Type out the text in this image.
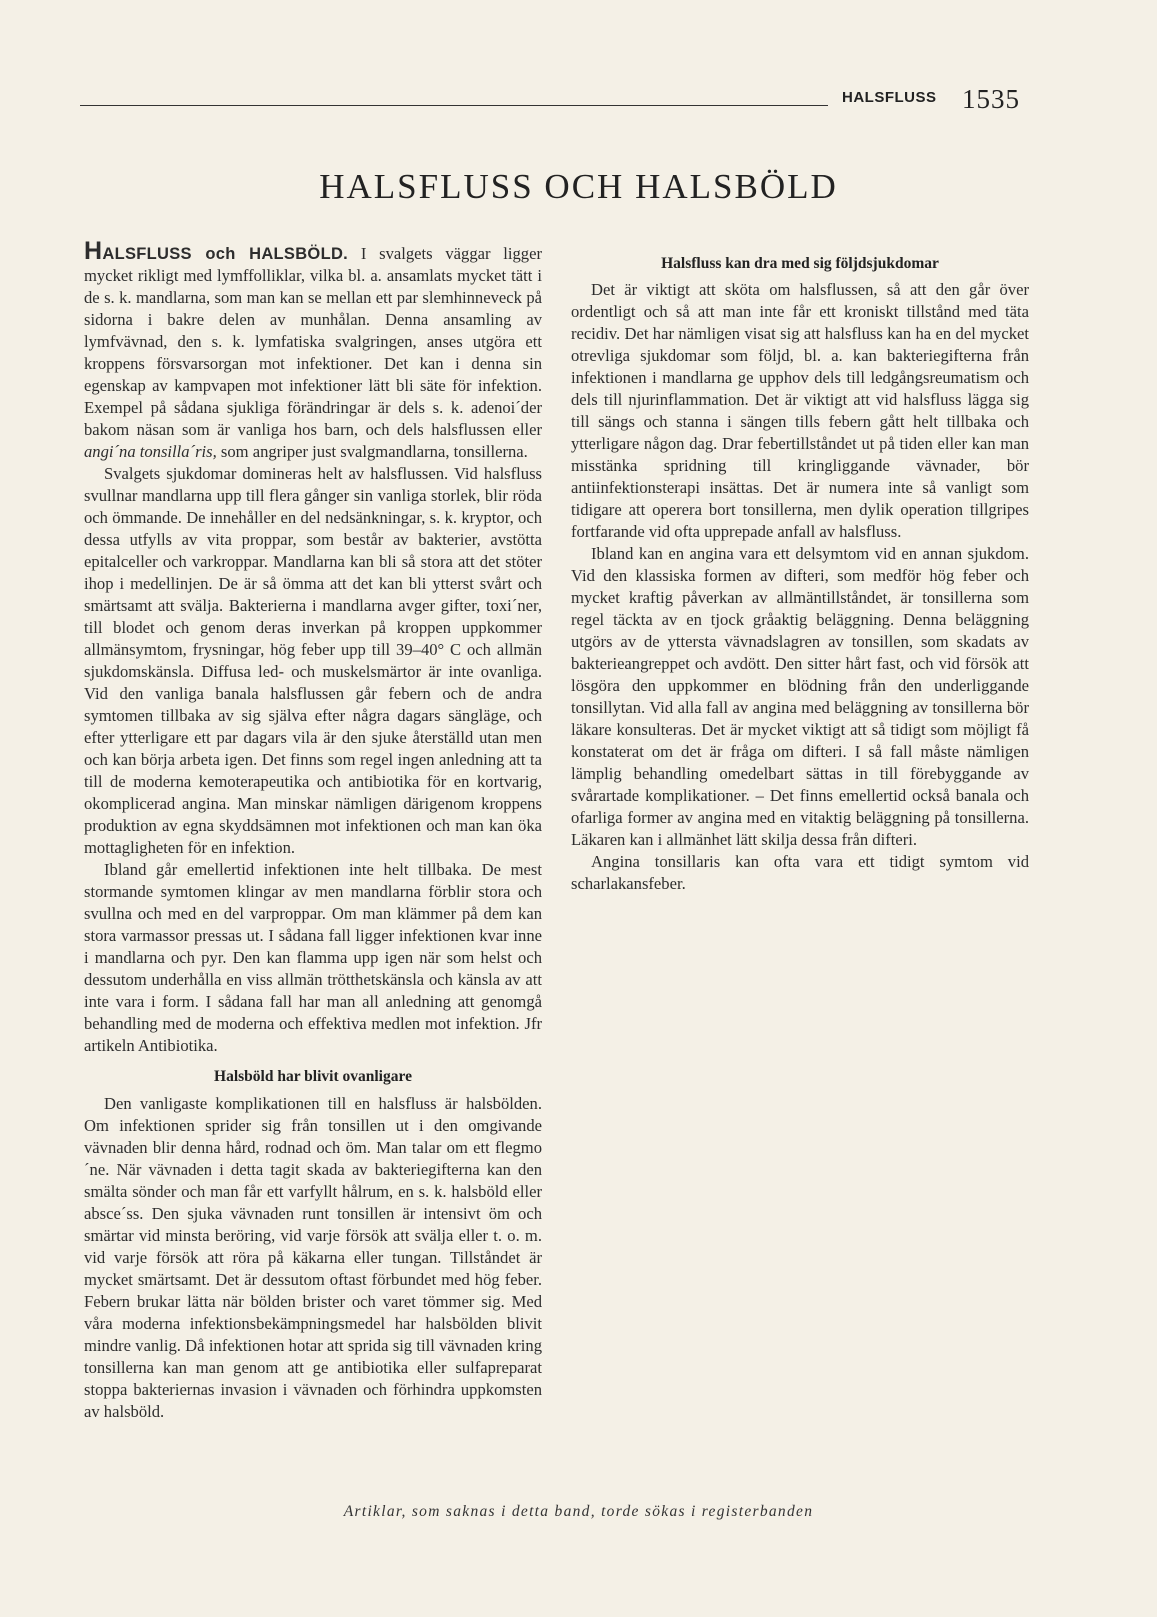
HALSFLUSS 1535
HALSFLUSS OCH HALSBÖLD

HALSFLUSS och HALSBÖLD. I svalgets väggar ligger mycket rikligt med lymffolliklar, vilka bl. a. ansamlats mycket tätt i de s. k. mandlarna, som man kan se mellan ett par slemhinneveck på sidorna i bakre delen av munhålan. Denna ansamling av lymfvävnad, den s. k. lymfatiska svalgringen, anses utgöra ett kroppens försvarsorgan mot infektioner. Det kan i denna sin egenskap av kampvapen mot infektioner lätt bli säte för infektion. Exempel på sådana sjukliga förändringar är dels s. k. adenoi´der bakom näsan som är vanliga hos barn, och dels halsflussen eller angi´na tonsilla´ris, som angriper just svalgmandlarna, tonsillerna.

Svalgets sjukdomar domineras helt av halsflussen. Vid halsfluss svullnar mandlarna upp till flera gånger sin vanliga storlek, blir röda och ömmande. De innehåller en del nedsänkningar, s. k. kryptor, och dessa utfylls av vita proppar, som består av bakterier, avstötta epitalceller och varkroppar. Mandlarna kan bli så stora att det stöter ihop i medellinjen. De är så ömma att det kan bli ytterst svårt och smärtsamt att svälja. Bakterierna i mandlarna avger gifter, toxi´ner, till blodet och genom deras inverkan på kroppen uppkommer allmänsymtom, frysningar, hög feber upp till 39–40° C och allmän sjukdomskänsla. Diffusa led- och muskelsmärtor är inte ovanliga. Vid den vanliga banala halsflussen går febern och de andra symtomen tillbaka av sig själva efter några dagars sängläge, och efter ytterligare ett par dagars vila är den sjuke återställd utan men och kan börja arbeta igen. Det finns som regel ingen anledning att ta till de moderna kemoterapeutika och antibiotika för en kortvarig, okomplicerad angina. Man minskar nämligen därigenom kroppens produktion av egna skyddsämnen mot infektionen och man kan öka mottagligheten för en infektion.

Ibland går emellertid infektionen inte helt tillbaka. De mest stormande symtomen klingar av men mandlarna förblir stora och svullna och med en del varproppar. Om man klämmer på dem kan stora varmassor pressas ut. I sådana fall ligger infektionen kvar inne i mandlarna och pyr. Den kan flamma upp igen när som helst och dessutom underhålla en viss allmän trötthetskänsla och känsla av att inte vara i form. I sådana fall har man all anledning att genomgå behandling med de moderna och effektiva medlen mot infektion. Jfr artikeln Antibiotika.

Halsböld har blivit ovanligare

Den vanligaste komplikationen till en halsfluss är halsbölden. Om infektionen sprider sig från tonsillen ut i den omgivande vävnaden blir denna hård, rodnad och öm. Man talar om ett flegmo´ne. När vävnaden i detta tagit skada av bakteriegifterna kan den smälta sönder och man får ett varfyllt hålrum, en s. k. halsböld eller absce´ss. Den sjuka vävnaden runt tonsillen är intensivt öm och smärtar vid minsta beröring, vid varje försök att svälja eller t. o. m. vid varje försök att röra på käkarna eller tungan. Tillståndet är mycket smärtsamt. Det är dessutom oftast förbundet med hög feber. Febern brukar lätta när bölden brister och varet tömmer sig. Med våra moderna infektionsbekämpningsmedel har halsbölden blivit mindre vanlig. Då infektionen hotar att sprida sig till vävnaden kring tonsillerna kan man genom att ge antibiotika eller sulfapreparat stoppa bakteriernas invasion i vävnaden och förhindra uppkomsten av halsböld.

Halsfluss kan dra med sig följdsjukdomar

Det är viktigt att sköta om halsflussen, så att den går över ordentligt och så att man inte får ett kroniskt tillstånd med täta recidiv. Det har nämligen visat sig att halsfluss kan ha en del mycket otrevliga sjukdomar som följd, bl. a. kan bakteriegifterna från infektionen i mandlarna ge upphov dels till ledgångsreumatism och dels till njurinflammation. Det är viktigt att vid halsfluss lägga sig till sängs och stanna i sängen tills febern gått helt tillbaka och ytterligare någon dag. Drar febertillståndet ut på tiden eller kan man misstänka spridning till kringliggande vävnader, bör antiinfektionsterapi insättas. Det är numera inte så vanligt som tidigare att operera bort tonsillerna, men dylik operation tillgripes fortfarande vid ofta upprepade anfall av halsfluss.

Ibland kan en angina vara ett delsymtom vid en annan sjukdom. Vid den klassiska formen av difteri, som medför hög feber och mycket kraftig påverkan av allmäntillståndet, är tonsillerna som regel täckta av en tjock gråaktig beläggning. Denna beläggning utgörs av de yttersta vävnadslagren av tonsillen, som skadats av bakterieangreppet och avdött. Den sitter hårt fast, och vid försök att lösgöra den uppkommer en blödning från den underliggande tonsillytan. Vid alla fall av angina med beläggning av tonsillerna bör läkare konsulteras. Det är mycket viktigt att så tidigt som möjligt få konstaterat om det är fråga om difteri. I så fall måste nämligen lämplig behandling omedelbart sättas in till förebyggande av svårartade komplikationer. – Det finns emellertid också banala och ofarliga former av angina med en vitaktig beläggning på tonsillerna. Läkaren kan i allmänhet lätt skilja dessa från difteri.

Angina tonsillaris kan ofta vara ett tidigt symtom vid scharlakansfeber.

Artiklar, som saknas i detta band, torde sökas i registerbanden
